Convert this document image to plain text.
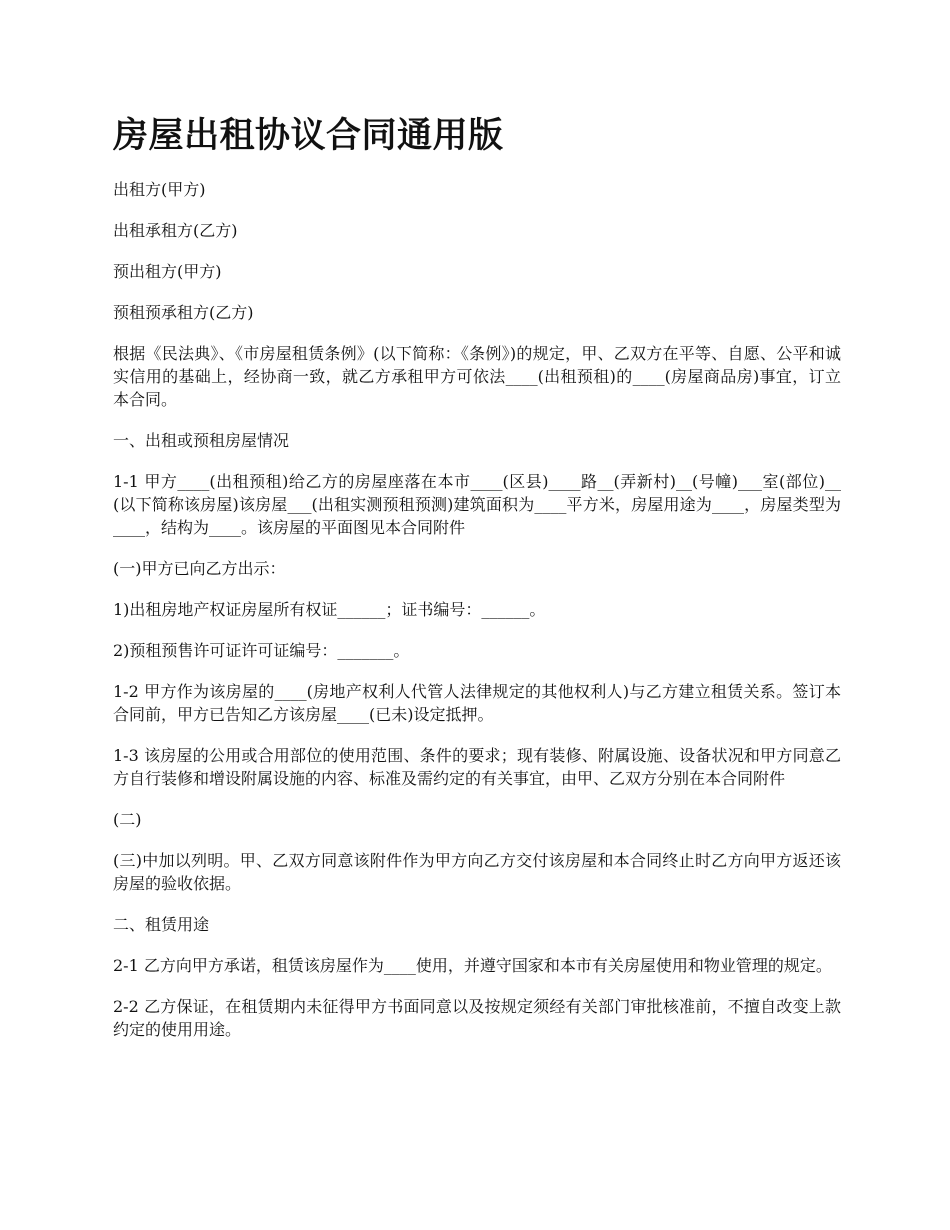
房屋出租协议合同通用版

出租方(甲方)

出租承租方(乙方)

预出租方(甲方)

预租预承租方(乙方)

根据《民法典》、《市房屋租赁条例》(以下简称：《条例》)的规定，甲、乙双方在平等、自愿、公平和诚实信用的基础上，经协商一致，就乙方承租甲方可依法____(出租预租)的____(房屋商品房)事宜，订立本合同。

一、出租或预租房屋情况

1-1 甲方____(出租预租)给乙方的房屋座落在本市____(区县)____路__(弄新村)__(号幢)___室(部位)__(以下简称该房屋)该房屋___(出租实测预租预测)建筑面积为____平方米，房屋用途为____，房屋类型为____，结构为____。该房屋的平面图见本合同附件

(一)甲方已向乙方出示：

1)出租房地产权证房屋所有权证______；证书编号：______。

2)预租预售许可证许可证编号：_______。

1-2 甲方作为该房屋的____(房地产权利人代管人法律规定的其他权利人)与乙方建立租赁关系。签订本合同前，甲方已告知乙方该房屋____(已未)设定抵押。

1-3 该房屋的公用或合用部位的使用范围、条件的要求；现有装修、附属设施、设备状况和甲方同意乙方自行装修和增设附属设施的内容、标准及需约定的有关事宜，由甲、乙双方分别在本合同附件

(二)

(三)中加以列明。甲、乙双方同意该附件作为甲方向乙方交付该房屋和本合同终止时乙方向甲方返还该房屋的验收依据。

二、租赁用途

2-1 乙方向甲方承诺，租赁该房屋作为____使用，并遵守国家和本市有关房屋使用和物业管理的规定。

2-2 乙方保证，在租赁期内未征得甲方书面同意以及按规定须经有关部门审批核准前，不擅自改变上款约定的使用用途。
